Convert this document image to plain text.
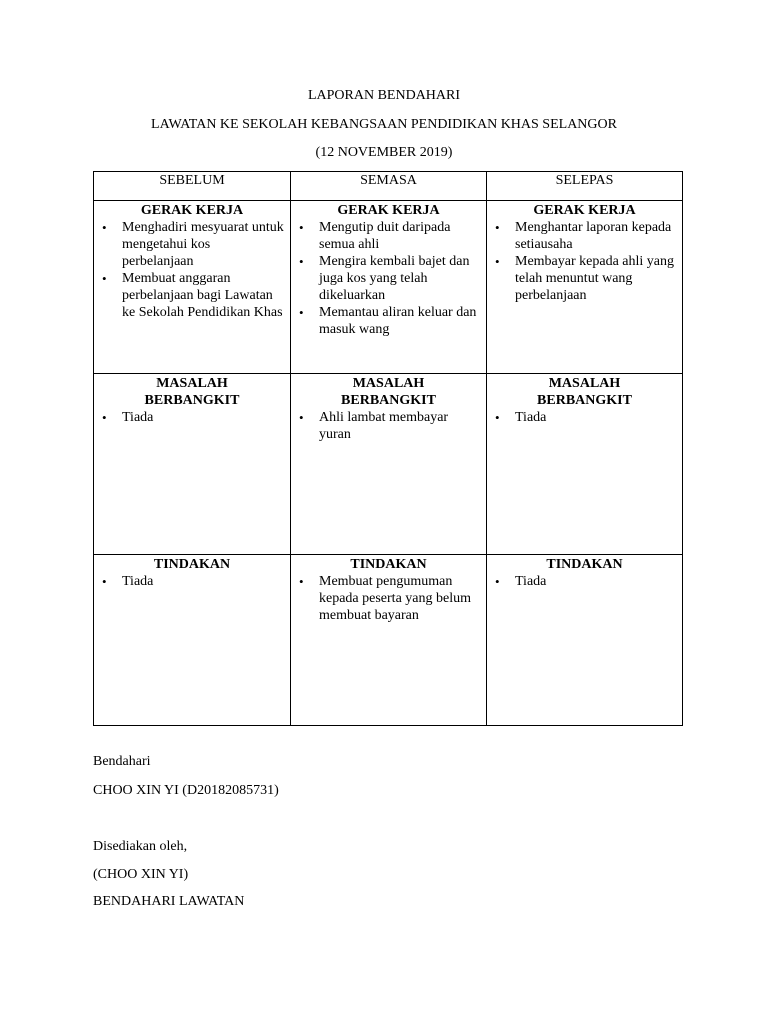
LAPORAN BENDAHARI
LAWATAN KE SEKOLAH KEBANGSAAN PENDIDIKAN KHAS SELANGOR
(12 NOVEMBER 2019)
SEBELUM	SEMASA	SELEPAS
GERAK KERJA
• Menghadiri mesyuarat untuk mengetahui kos perbelanjaan
• Membuat anggaran perbelanjaan bagi Lawatan ke Sekolah Pendidikan Khas
GERAK KERJA
• Mengutip duit daripada semua ahli
• Mengira kembali bajet dan juga kos yang telah dikeluarkan
• Memantau aliran keluar dan masuk wang
GERAK KERJA
• Menghantar laporan kepada setiausaha
• Membayar kepada ahli yang telah menuntut wang perbelanjaan
MASALAH BERBANGKIT
• Tiada
MASALAH BERBANGKIT
• Ahli lambat membayar yuran
MASALAH BERBANGKIT
• Tiada
TINDAKAN
• Tiada
TINDAKAN
• Membuat pengumuman kepada peserta yang belum membuat bayaran
TINDAKAN
• Tiada
Bendahari
CHOO XIN YI (D20182085731)
Disediakan oleh,
(CHOO XIN YI)
BENDAHARI LAWATAN
